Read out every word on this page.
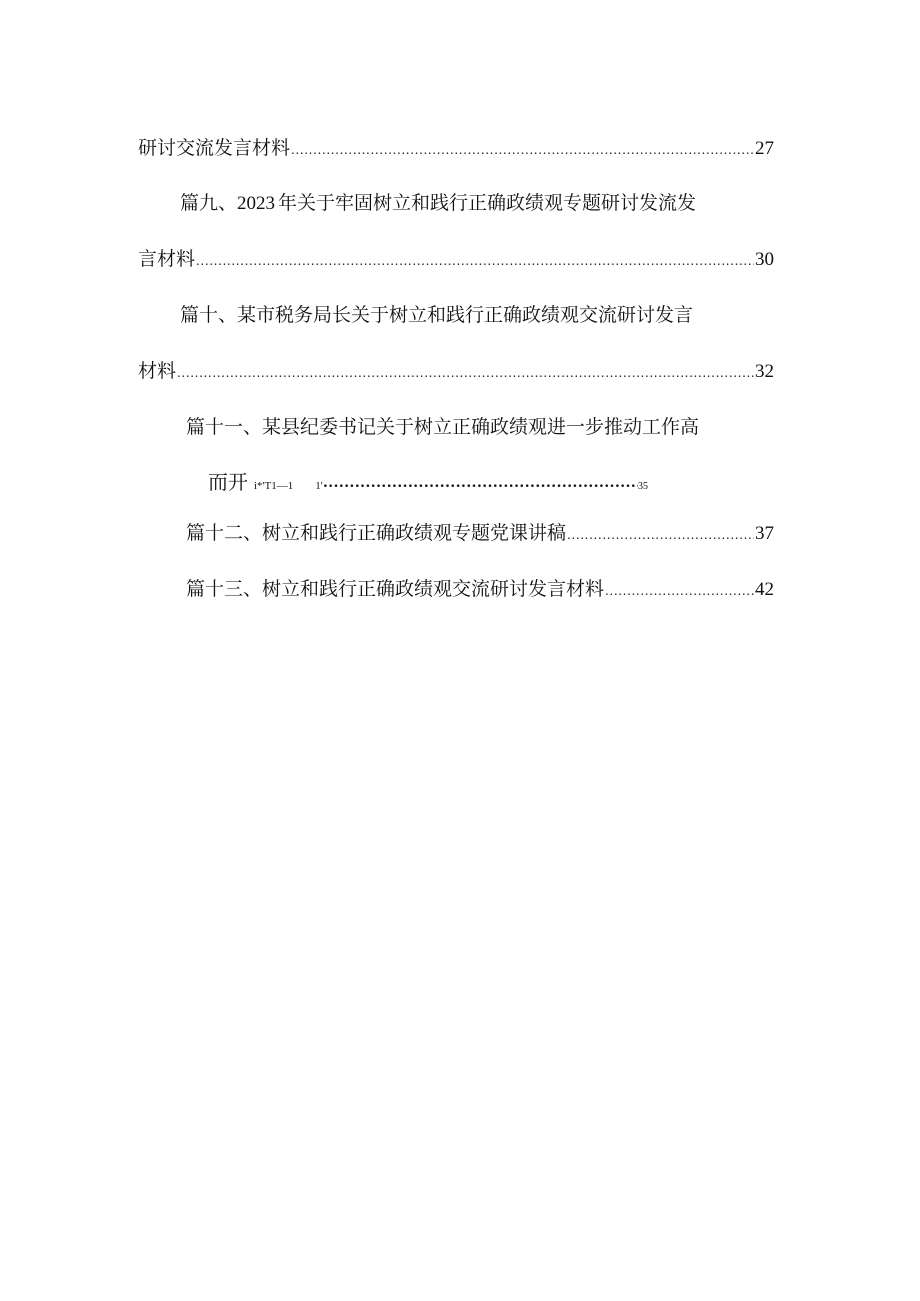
研讨交流发言材料 .....	27
篇九、 2023 年关于牢固树立和践行正确政绩观专题研讨发流发
言材料 .....	30
篇十、某市税务局长关于树立和践行正确政绩观交流研讨发言
材料 .....	32
篇十一、某县纪委书记关于树立正确政绩观进一步推动工作高
而开 i*'T1—1 1' •••••	35
篇十二、树立和践行正确政绩观专题党课讲稿 .....	37
篇十三、树立和践行正确政绩观交流研讨发言材料 .....	42
